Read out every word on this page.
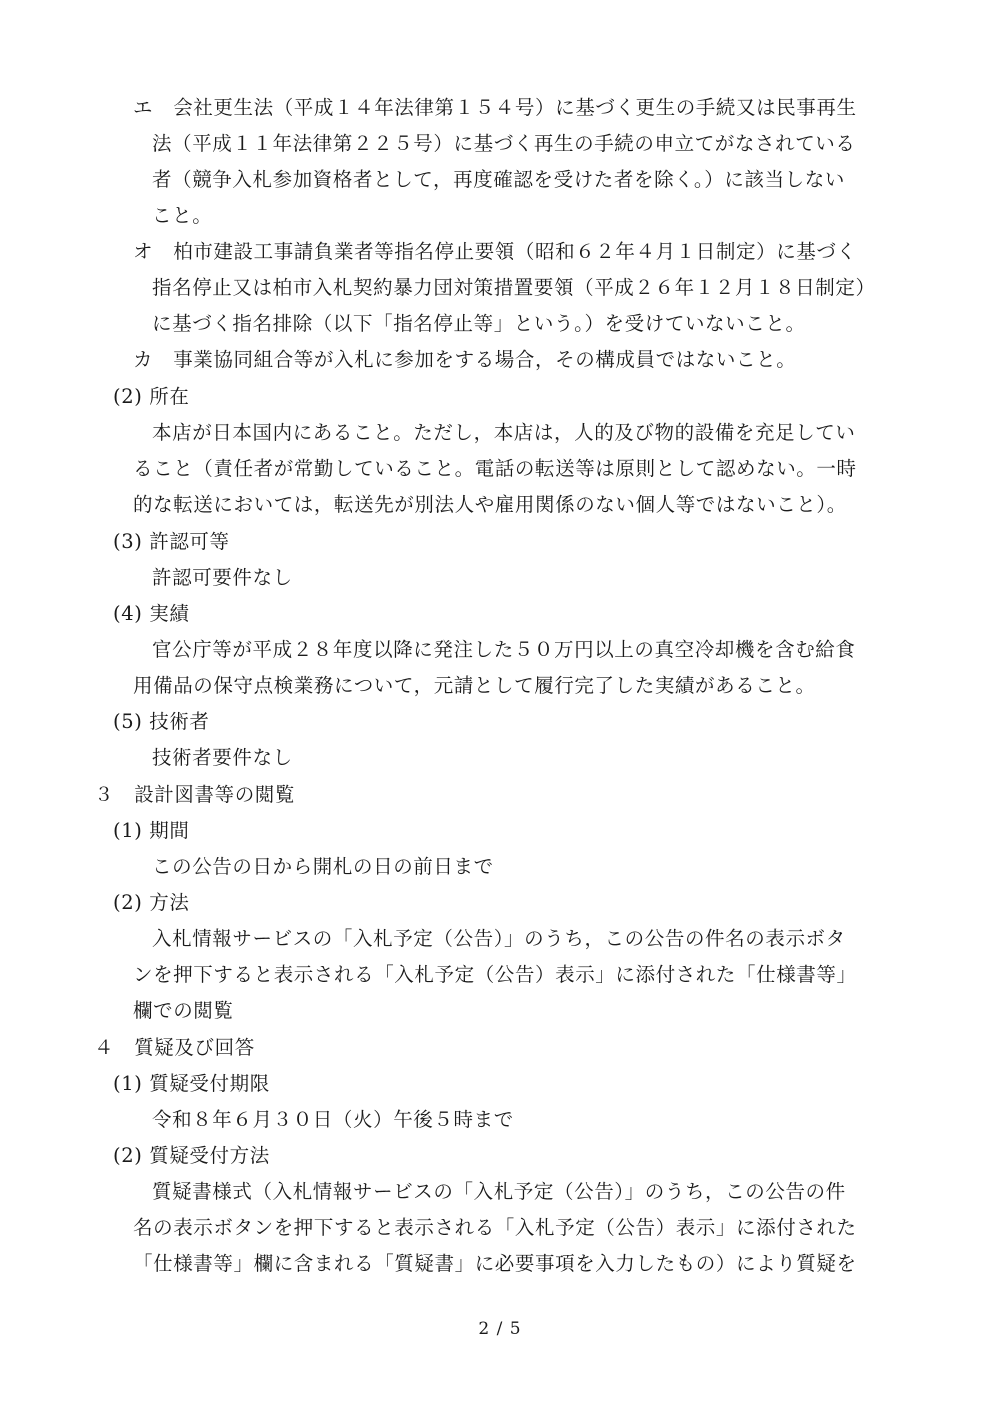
エ　会社更生法（平成１４年法律第１５４号）に基づく更生の手続又は民事再生
法（平成１１年法律第２２５号）に基づく再生の手続の申立てがなされている
者（競争入札参加資格者として，再度確認を受けた者を除く。）に該当しない
こと。
オ　柏市建設工事請負業者等指名停止要領（昭和６２年４月１日制定）に基づく
指名停止又は柏市入札契約暴力団対策措置要領（平成２６年１２月１８日制定）
に基づく指名排除（以下「指名停止等」という。）を受けていないこと。
カ　事業協同組合等が入札に参加をする場合，その構成員ではないこと。
(2) 所在
本店が日本国内にあること。ただし，本店は，人的及び物的設備を充足してい
ること（責任者が常勤していること。電話の転送等は原則として認めない。一時
的な転送においては，転送先が別法人や雇用関係のない個人等ではないこと）。
(3) 許認可等
許認可要件なし
(4) 実績
官公庁等が平成２８年度以降に発注した５０万円以上の真空冷却機を含む給食
用備品の保守点検業務について，元請として履行完了した実績があること。
(5) 技術者
技術者要件なし
３　設計図書等の閲覧
(1) 期間
この公告の日から開札の日の前日まで
(2) 方法
入札情報サービスの「入札予定（公告）」のうち，この公告の件名の表示ボタ
ンを押下すると表示される「入札予定（公告）表示」に添付された「仕様書等」
欄での閲覧
４　質疑及び回答
(1) 質疑受付期限
令和８年６月３０日（火）午後５時まで
(2) 質疑受付方法
質疑書様式（入札情報サービスの「入札予定（公告）」のうち，この公告の件
名の表示ボタンを押下すると表示される「入札予定（公告）表示」に添付された
「仕様書等」欄に含まれる「質疑書」に必要事項を入力したもの）により質疑を
2 / 5
